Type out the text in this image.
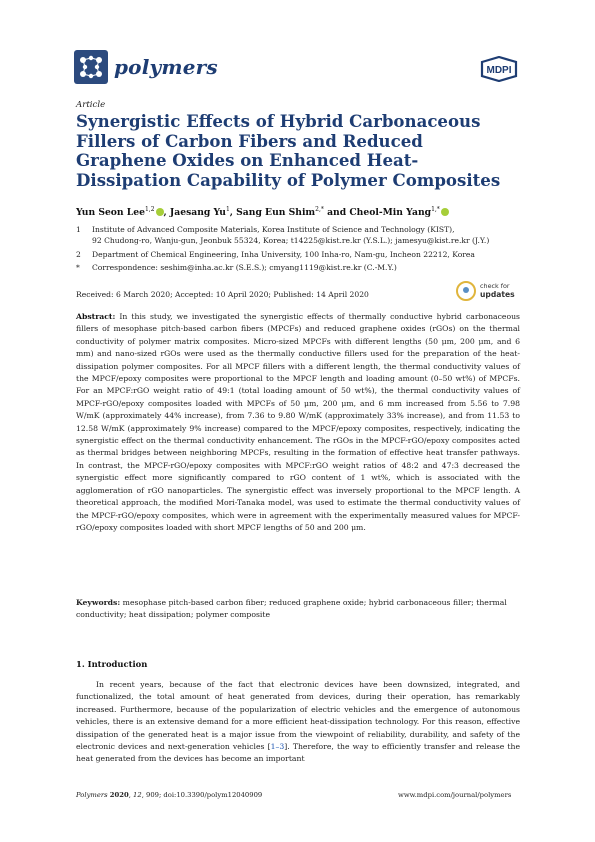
polymers	MDPI
Article
Synergistic Effects of Hybrid Carbonaceous Fillers of Carbon Fibers and Reduced Graphene Oxides on Enhanced Heat-Dissipation Capability of Polymer Composites
Yun Seon Lee$^{1,2}$ , Jaesang Yu$^1$, Sang Eun Shim$^{2,*}$ and Cheol-Min Yang$^{1,*}$
1	Institute of Advanced Composite Materials, Korea Institute of Science and Technology (KIST),
92 Chudong-ro, Wanju-gun, Jeonbuk 55324, Korea; t14225@kist.re.kr (Y.S.L.); jamesyu@kist.re.kr (J.Y.)
2	Department of Chemical Engineering, Inha University, 100 Inha-ro, Nam-gu, Incheon 22212, Korea
*	Correspondence: seshim@inha.ac.kr (S.E.S.); cmyang1119@kist.re.kr (C.-M.Y.)
Received: 6 March 2020; Accepted: 10 April 2020; Published: 14 April 2020
check for
updates
Abstract: In this study, we investigated the synergistic effects of thermally conductive hybrid carbonaceous fillers of mesophase pitch-based carbon fibers (MPCFs) and reduced graphene oxides (rGOs) on the thermal conductivity of polymer matrix composites. Micro-sized MPCFs with different lengths (50 μm, 200 μm, and 6 mm) and nano-sized rGOs were used as the thermally conductive fillers used for the preparation of the heat-dissipation polymer composites. For all MPCF fillers with a different length, the thermal conductivity values of the MPCF/epoxy composites were proportional to the MPCF length and loading amount (0–50 wt%) of MPCFs. For an MPCF:rGO weight ratio of 49:1 (total loading amount of 50 wt%), the thermal conductivity values of MPCF-rGO/epoxy composites loaded with MPCFs of 50 μm, 200 μm, and 6 mm increased from 5.56 to 7.98 W/mK (approximately 44% increase), from 7.36 to 9.80 W/mK (approximately 33% increase), and from 11.53 to 12.58 W/mK (approximately 9% increase) compared to the MPCF/epoxy composites, respectively, indicating the synergistic effect on the thermal conductivity enhancement. The rGOs in the MPCF-rGO/epoxy composites acted as thermal bridges between neighboring MPCFs, resulting in the formation of effective heat transfer pathways. In contrast, the MPCF-rGO/epoxy composites with MPCF:rGO weight ratios of 48:2 and 47:3 decreased the synergistic effect more significantly compared to rGO content of 1 wt%, which is associated with the agglomeration of rGO nanoparticles. The synergistic effect was inversely proportional to the MPCF length. A theoretical approach, the modified Mori-Tanaka model, was used to estimate the thermal conductivity values of the MPCF-rGO/epoxy composites, which were in agreement with the experimentally measured values for MPCF-rGO/epoxy composites loaded with short MPCF lengths of 50 and 200 μm.
Keywords: mesophase pitch-based carbon fiber; reduced graphene oxide; hybrid carbonaceous filler; thermal conductivity; heat dissipation; polymer composite
1. Introduction
In recent years, because of the fact that electronic devices have been downsized, integrated, and functionalized, the total amount of heat generated from devices, during their operation, has remarkably increased. Furthermore, because of the popularization of electric vehicles and the emergence of autonomous vehicles, there is an extensive demand for a more efficient heat-dissipation technology. For this reason, effective dissipation of the generated heat is a major issue from the viewpoint of reliability, durability, and safety of the electronic devices and next-generation vehicles [1–3]. Therefore, the way to efficiently transfer and release the heat generated from the devices has become an important
Polymers 2020, 12, 909; doi:10.3390/polym12040909	www.mdpi.com/journal/polymers
